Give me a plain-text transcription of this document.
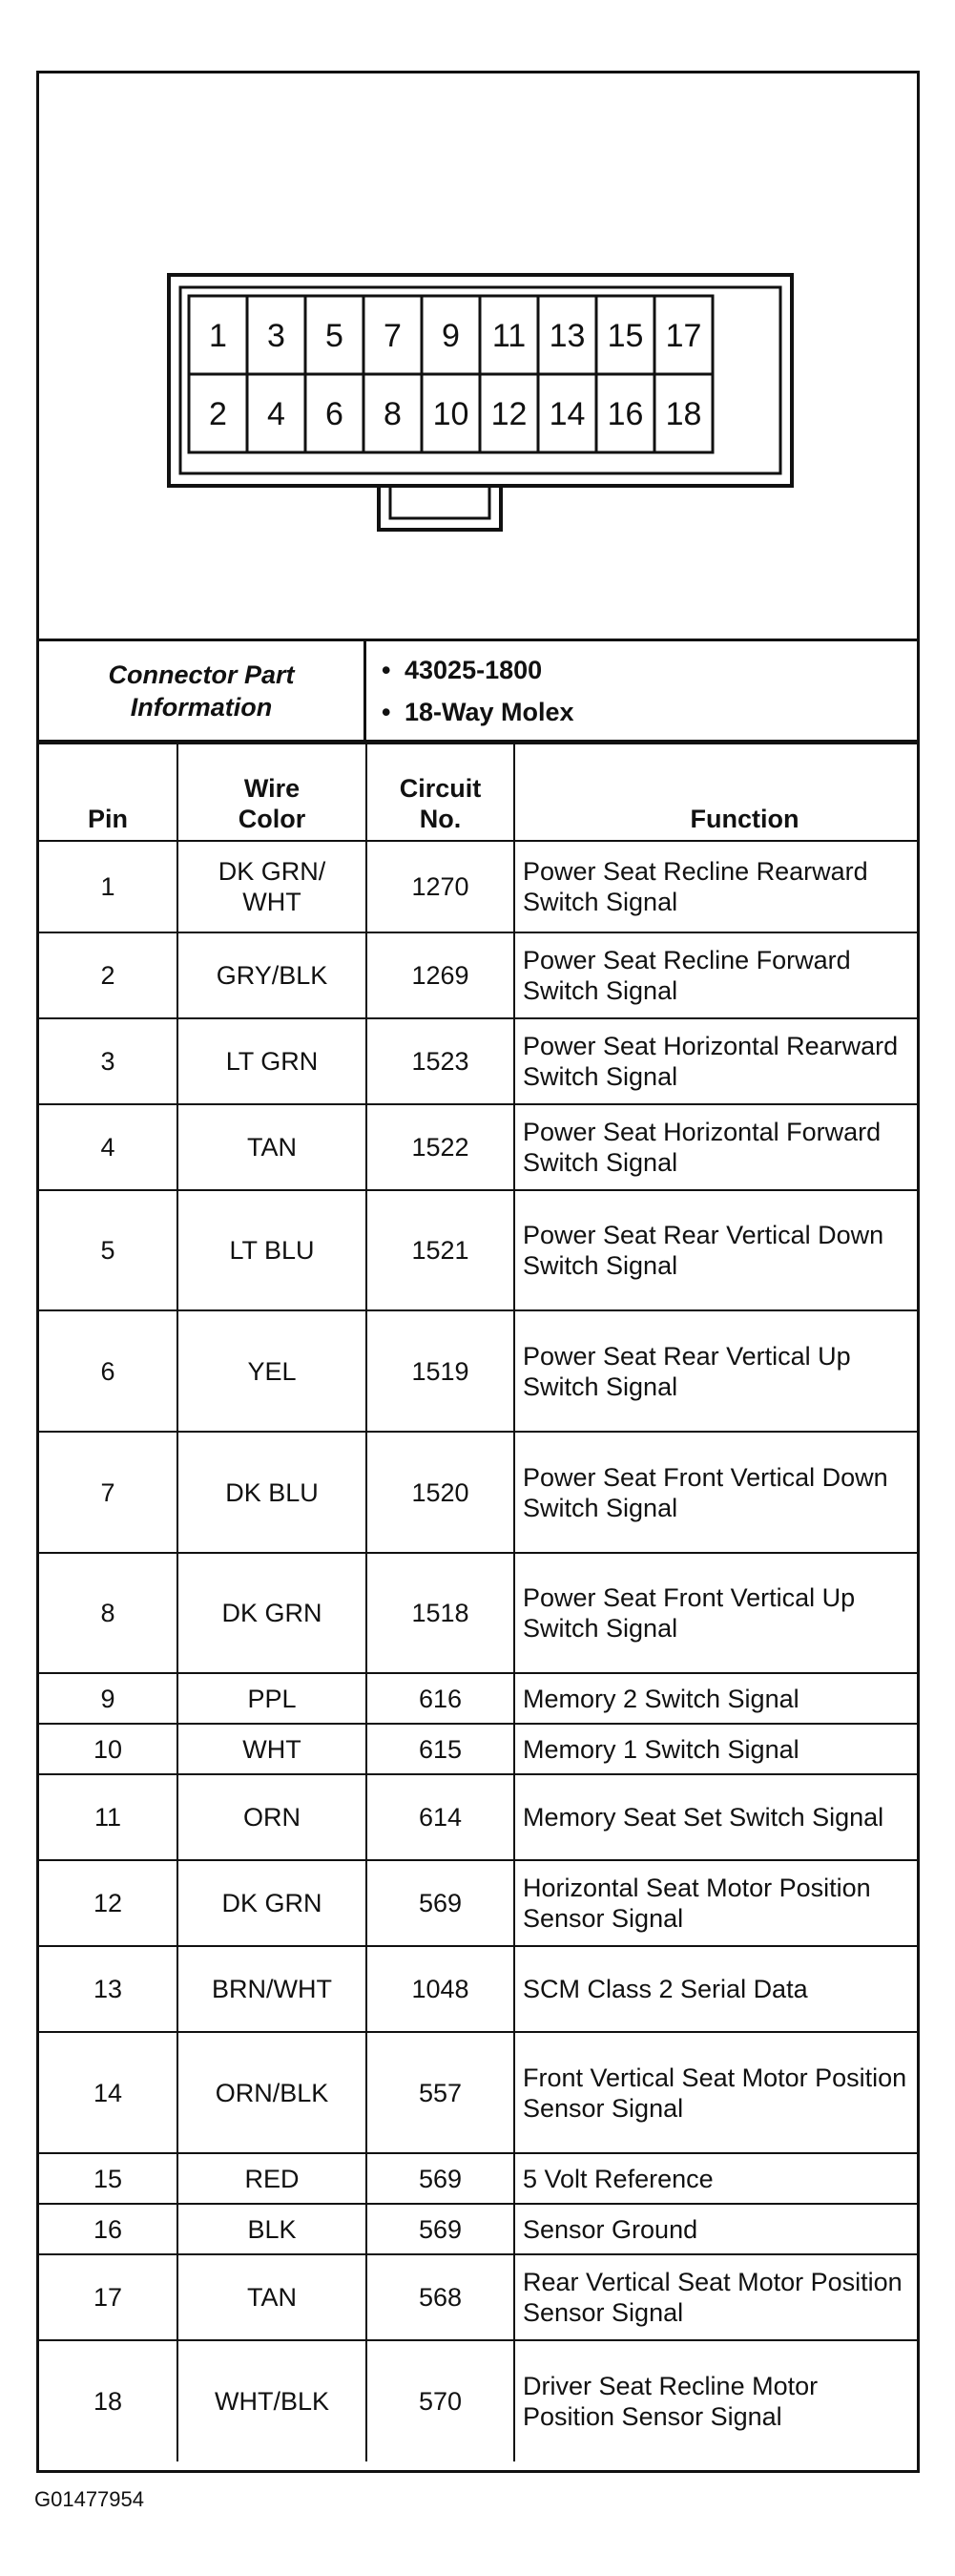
1 3 5 7 9 11 13 15 17
2 4 6 8 10 12 14 16 18
Connector Part Information
• 43025-1800
• 18-Way Molex
Pin	Wire Color	Circuit No.	Function
1	DK GRN/ WHT	1270	Power Seat Recline Rearward Switch Signal
2	GRY/BLK	1269	Power Seat Recline Forward Switch Signal
3	LT GRN	1523	Power Seat Horizontal Rearward Switch Signal
4	TAN	1522	Power Seat Horizontal Forward Switch Signal
5	LT BLU	1521	Power Seat Rear Vertical Down Switch Signal
6	YEL	1519	Power Seat Rear Vertical Up Switch Signal
7	DK BLU	1520	Power Seat Front Vertical Down Switch Signal
8	DK GRN	1518	Power Seat Front Vertical Up Switch Signal
9	PPL	616	Memory 2 Switch Signal
10	WHT	615	Memory 1 Switch Signal
11	ORN	614	Memory Seat Set Switch Signal
12	DK GRN	569	Horizontal Seat Motor Position Sensor Signal
13	BRN/WHT	1048	SCM Class 2 Serial Data
14	ORN/BLK	557	Front Vertical Seat Motor Position Sensor Signal
15	RED	569	5 Volt Reference
16	BLK	569	Sensor Ground
17	TAN	568	Rear Vertical Seat Motor Position Sensor Signal
18	WHT/BLK	570	Driver Seat Recline Motor Position Sensor Signal
G01477954
